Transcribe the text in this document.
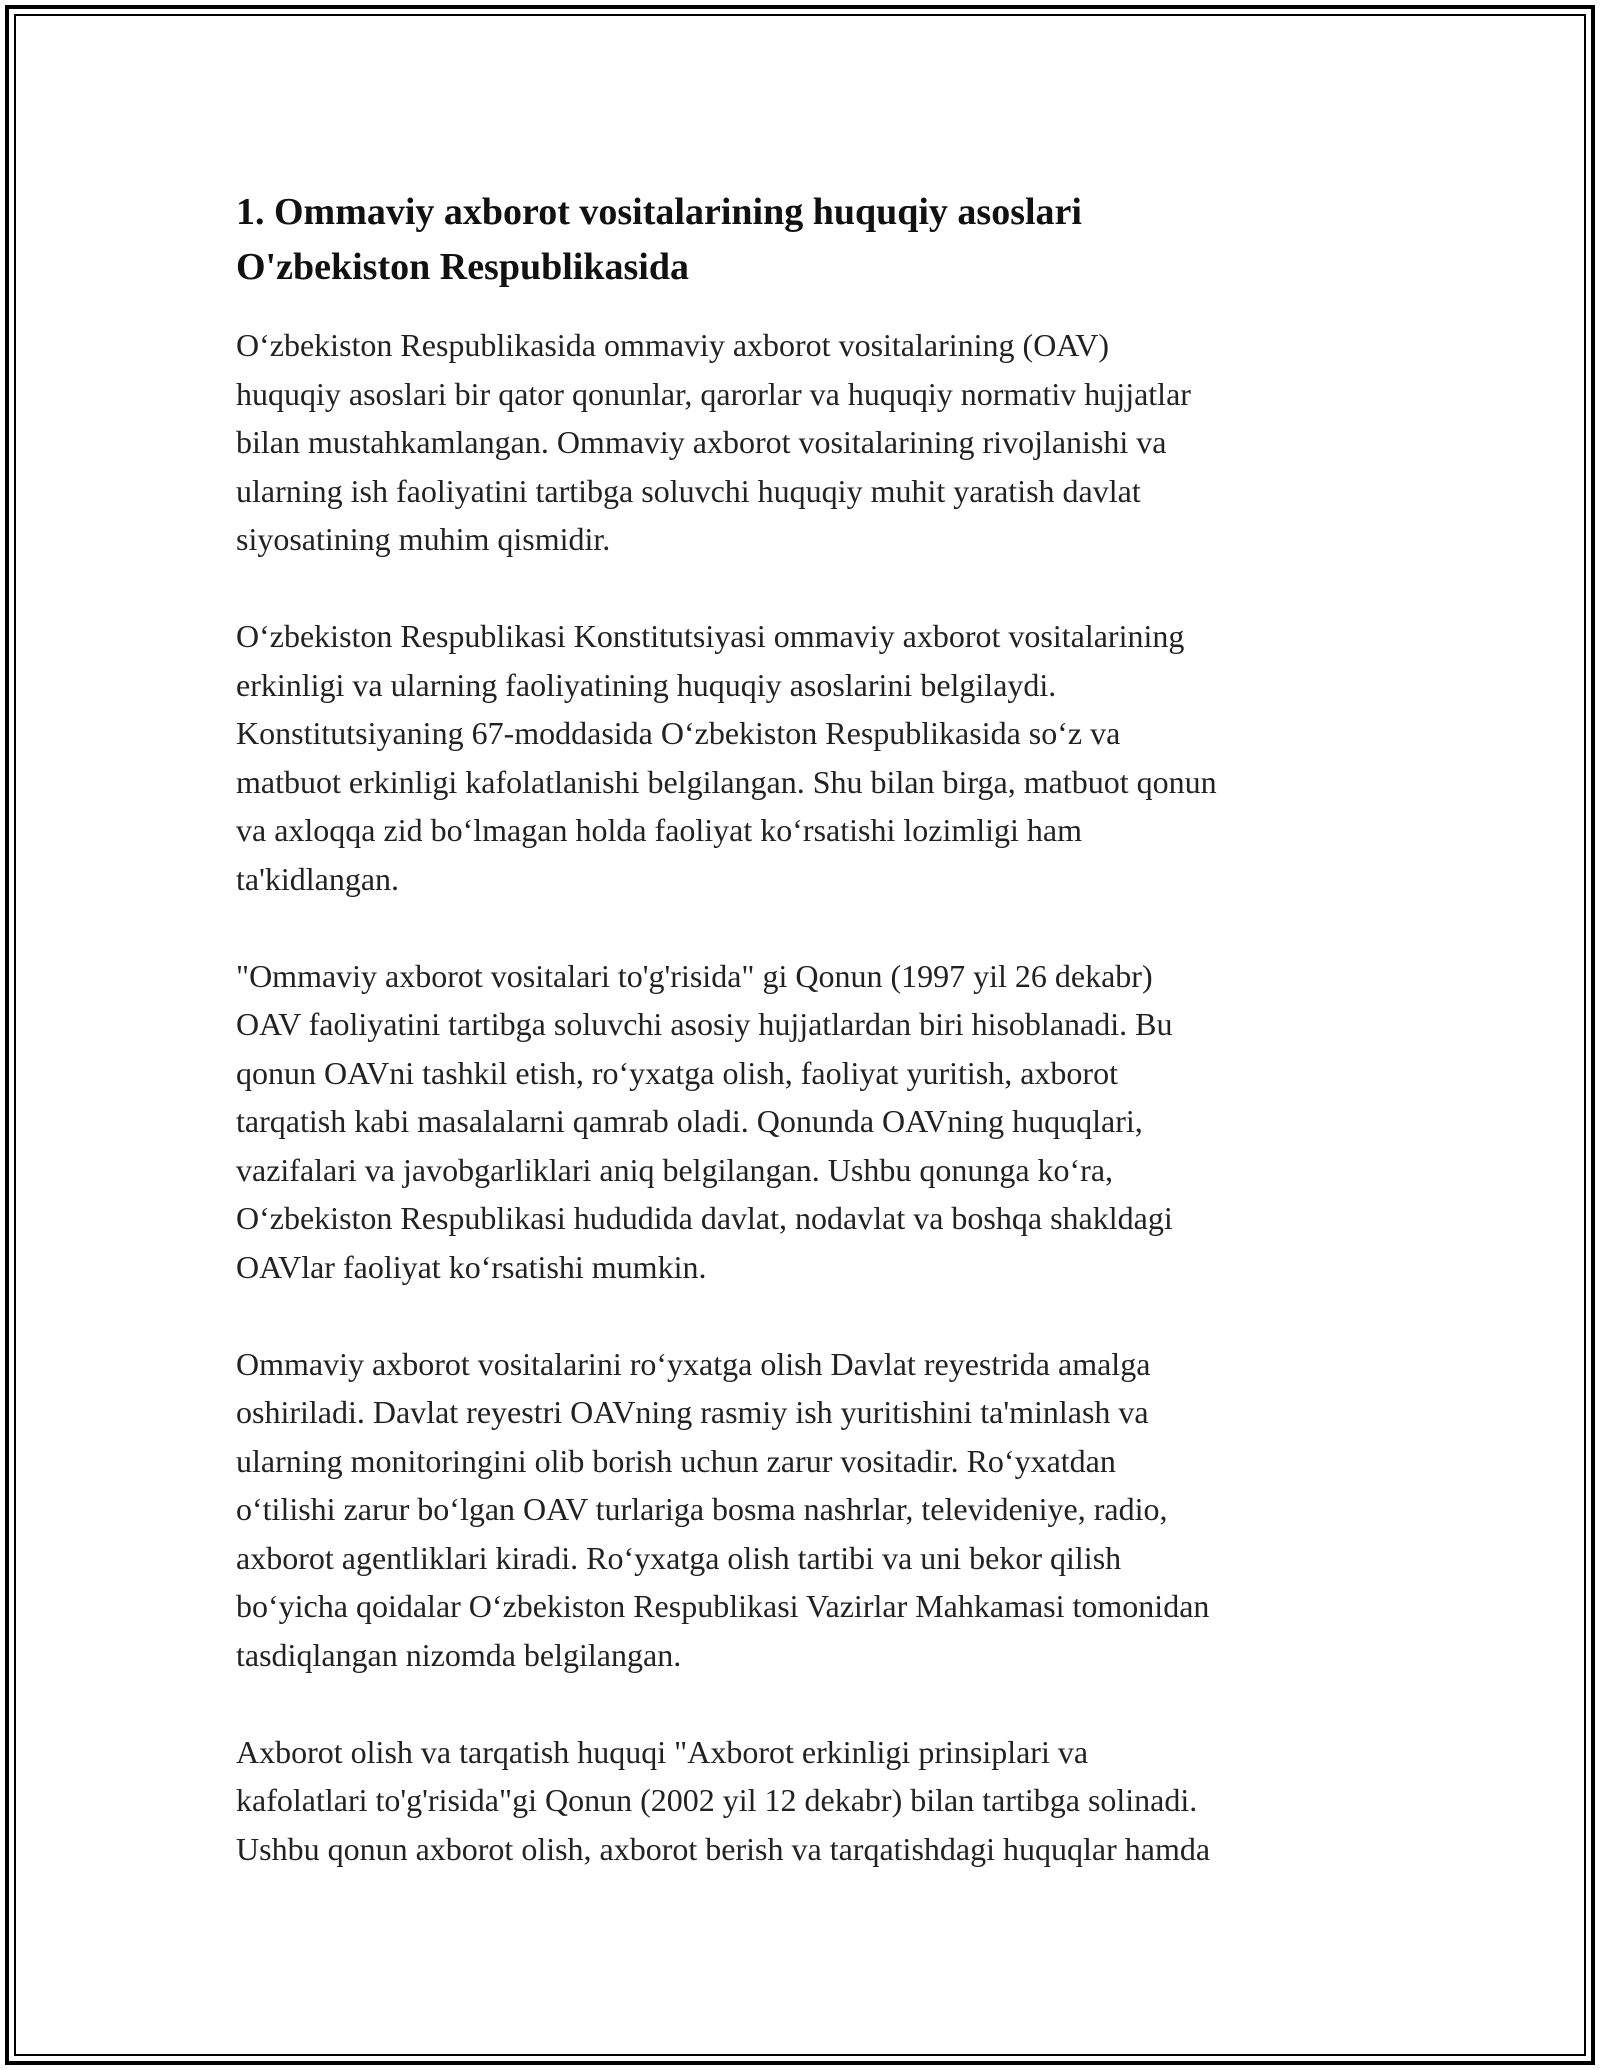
1. Ommaviy axborot vositalarining huquqiy asoslari
O'zbekiston Respublikasida

O‘zbekiston Respublikasida ommaviy axborot vositalarining (OAV)
huquqiy asoslari bir qator qonunlar, qarorlar va huquqiy normativ hujjatlar
bilan mustahkamlangan. Ommaviy axborot vositalarining rivojlanishi va
ularning ish faoliyatini tartibga soluvchi huquqiy muhit yaratish davlat
siyosatining muhim qismidir.

O‘zbekiston Respublikasi Konstitutsiyasi ommaviy axborot vositalarining
erkinligi va ularning faoliyatining huquqiy asoslarini belgilaydi.
Konstitutsiyaning 67-moddasida O‘zbekiston Respublikasida so‘z va
matbuot erkinligi kafolatlanishi belgilangan. Shu bilan birga, matbuot qonun
va axloqqa zid bo‘lmagan holda faoliyat ko‘rsatishi lozimligi ham
ta'kidlangan.

"Ommaviy axborot vositalari to'g'risida" gi Qonun (1997 yil 26 dekabr)
OAV faoliyatini tartibga soluvchi asosiy hujjatlardan biri hisoblanadi. Bu
qonun OAVni tashkil etish, ro‘yxatga olish, faoliyat yuritish, axborot
tarqatish kabi masalalarni qamrab oladi. Qonunda OAVning huquqlari,
vazifalari va javobgarliklari aniq belgilangan. Ushbu qonunga ko‘ra,
O‘zbekiston Respublikasi hududida davlat, nodavlat va boshqa shakldagi
OAVlar faoliyat ko‘rsatishi mumkin.

Ommaviy axborot vositalarini ro‘yxatga olish Davlat reyestrida amalga
oshiriladi. Davlat reyestri OAVning rasmiy ish yuritishini ta'minlash va
ularning monitoringini olib borish uchun zarur vositadir. Ro‘yxatdan
o‘tilishi zarur bo‘lgan OAV turlariga bosma nashrlar, televideniye, radio,
axborot agentliklari kiradi. Ro‘yxatga olish tartibi va uni bekor qilish
bo‘yicha qoidalar O‘zbekiston Respublikasi Vazirlar Mahkamasi tomonidan
tasdiqlangan nizomda belgilangan.

Axborot olish va tarqatish huquqi "Axborot erkinligi prinsiplari va
kafolatlari to'g'risida"gi Qonun (2002 yil 12 dekabr) bilan tartibga solinadi.
Ushbu qonun axborot olish, axborot berish va tarqatishdagi huquqlar hamda
